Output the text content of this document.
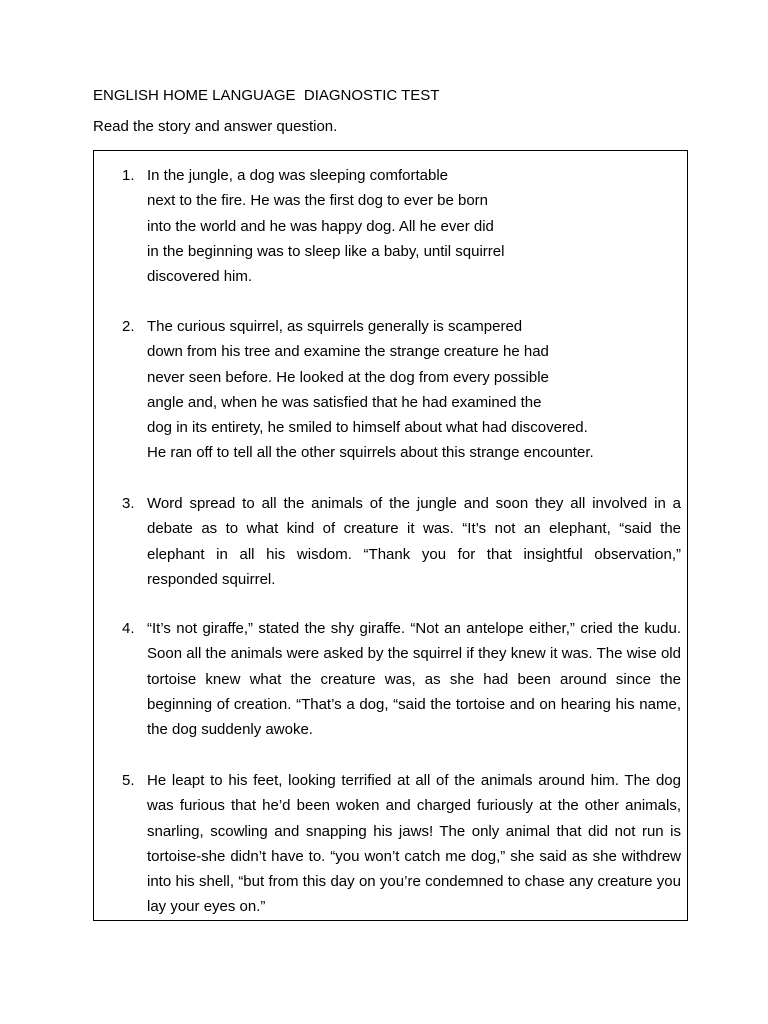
ENGLISH HOME LANGUAGE  DIAGNOSTIC TEST
Read the story and answer question.
1. In the jungle, a dog was sleeping comfortable
next to the fire. He was the first dog to ever be born
into the world and he was happy dog. All he ever did
in the beginning was to sleep like a baby, until squirrel
discovered him.
2. The curious squirrel, as squirrels generally is scampered
down from his tree and examine the strange creature he had
never seen before. He looked at the dog from every possible
angle and, when he was satisfied that he had examined the
dog in its entirety, he smiled to himself about what had discovered.
He ran off to tell all the other squirrels about this strange encounter.
3. Word spread to all the animals of the jungle and soon they all involved in a debate as to what kind of creature it was. “It’s not an elephant, “said the elephant in all his wisdom. “Thank you for that insightful observation,” responded squirrel.
4. “It’s not giraffe,” stated the shy giraffe. “Not an antelope either,” cried the kudu. Soon all the animals were asked by the squirrel if they knew it was. The wise old tortoise knew what the creature was, as she had been around since the beginning of creation. “That’s a dog, “said the tortoise and on hearing his name, the dog suddenly awoke.
5. He leapt to his feet, looking terrified at all of the animals around him. The dog was furious that he’d been woken and charged furiously at the other animals, snarling, scowling and snapping his jaws! The only animal that did not run is tortoise-she didn’t have to. “you won’t catch me dog,” she said as she withdrew into his shell, “but from this day on you’re condemned to chase any creature you lay your eyes on.”
